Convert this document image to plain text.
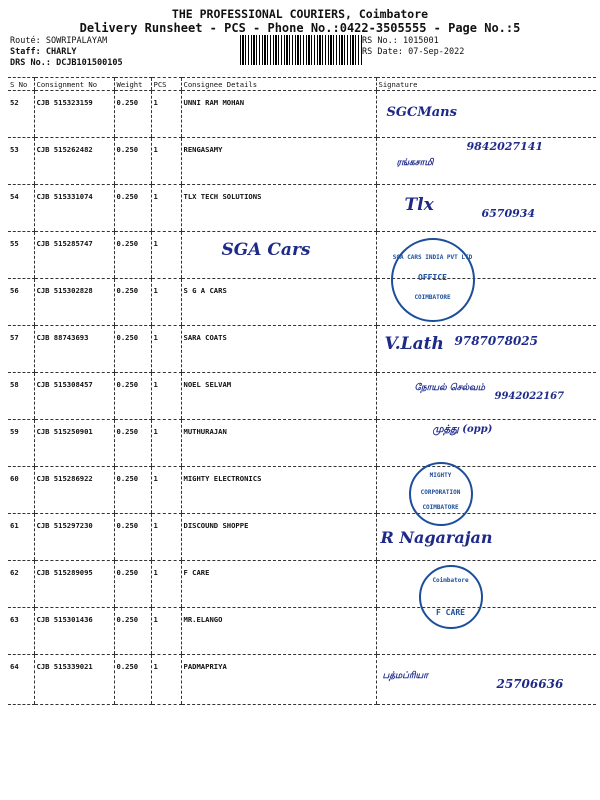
THE PROFESSIONAL COURIERS, Coimbatore
Delivery Runsheet - PCS - Phone No.:0422-3505555 - Page No.:5
Routé: SOWRIPALAYAM
Staff: CHARLY
DRS No.: DCJB101500105
RS No.: 1015001
RS Date: 07-Sep-2022
S No	Consignment No	Weight	PCS	Consignee Details	Signature
52	CJB 515323159	0.250	1	UNNI RAM MOHAN	SGCMans

53	CJB 515262482	0.250	1	RENGASAMY	9842027141
ரங்கசாமி

54	CJB 515331074	0.250	1	TLX TECH SOLUTIONS	Tlx 6570934

55	CJB 515285747	0.250	1	SGA Cars	SGA CARS INDIA PVT LTD
OFFICE
COIMBATORE

56	CJB 515302828	0.250	1	S G A CARS	
57	CJB 88743693	0.250	1	SARA COATS	V.Lath 9787078025

58	CJB 515308457	0.250	1	NOEL SELVAM	நோயல் செல்வம்
9942022167

59	CJB 515250901	0.250	1	MUTHURAJAN	முத்து (opp)

60	CJB 515286922	0.250	1	MIGHTY ELECTRONICS	MIGHTY
CORPORATION
COIMBATORE

61	CJB 515297230	0.250	1	DISCOUND SHOPPE	R Nagarajan

62	CJB 515289095	0.250	1	F CARE	Coimbatore
F CARE

63	CJB 515301436	0.250	1	MR.ELANGO	
64	CJB 515339021	0.250	1	PADMAPRIYA	பத்மப்ரியா
25706636
